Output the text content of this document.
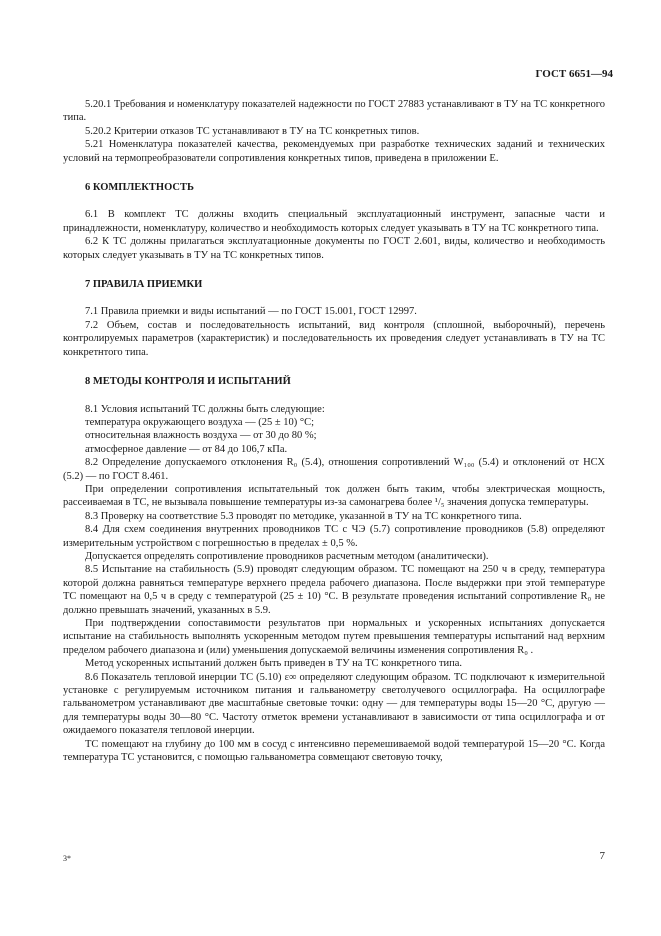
ГОСТ 6651—94

5.20.1 Требования и номенклатуру показателей надежности по ГОСТ 27883 устанавливают в ТУ на ТС конкретного типа.

5.20.2 Критерии отказов ТС устанавливают в ТУ на ТС конкретных типов.

5.21 Номенклатура показателей качества, рекомендуемых при разработке технических заданий и технических условий на термопреобразователи сопротивления конкретных типов, приведена в приложении Е.

6 КОМПЛЕКТНОСТЬ

6.1 В комплект ТС должны входить специальный эксплуатационный инструмент, запасные части и принадлежности, номенклатуру, количество и необходимость которых следует указывать в ТУ на ТС конкретного типа.

6.2 К ТС должны прилагаться эксплуатационные документы по ГОСТ 2.601, виды, количество и необходимость которых следует указывать в ТУ на ТС конкретных типов.

7 ПРАВИЛА ПРИЕМКИ

7.1 Правила приемки и виды испытаний — по ГОСТ 15.001, ГОСТ 12997.

7.2 Объем, состав и последовательность испытаний, вид контроля (сплошной, выборочный), перечень контролируемых параметров (характеристик) и последовательность их проведения следует устанавливать в ТУ на ТС конкретнтого типа.

8 МЕТОДЫ КОНТРОЛЯ И ИСПЫТАНИЙ

8.1 Условия испытаний ТС должны быть следующие:

температура окружающего воздуха — (25 ± 10) °С;

относительная влажность воздуха — от 30 до 80 %;

атмосферное давление — от 84 до 106,7 кПа.

8.2 Определение допускаемого отклонения R₀ (5.4), отношения сопротивлений W₁₀₀ (5.4) и отклонений от НСХ (5.2) — по ГОСТ 8.461.

При определении сопротивления испытательный ток должен быть таким, чтобы электрическая мощность, рассеиваемая в ТС, не вызывала повышение температуры из-за самонагрева более ¹/₅ значения допуска температуры.

8.3 Проверку на соответствие 5.3 проводят по методике, указанной в ТУ на ТС конкретного типа.

8.4 Для схем соединения внутренних проводников ТС с ЧЭ (5.7) сопротивление проводников (5.8) определяют измерительным устройством с погрешностью в пределах ± 0,5 %.

Допускается определять сопротивление проводников расчетным методом (аналитически).

8.5 Испытание на стабильность (5.9) проводят следующим образом. ТС помещают на 250 ч в среду, температура которой должна равняться температуре верхнего предела рабочего диапазона. После выдержки при этой температуре ТС помещают на 0,5 ч в среду с температурой (25 ± 10) °С. В результате проведения испытаний сопротивление R₀ не должно превышать значений, указанных в 5.9.

При подтверждении сопоставимости результатов при нормальных и ускоренных испытаниях допускается испытание на стабильность выполнять ускоренным методом путем превышения температуры испытаний над верхним пределом рабочего диапазона и (или) уменьшения допускаемой величины изменения сопротивления R₀ .

Метод ускоренных испытаний должен быть приведен в ТУ на ТС конкретного типа.

8.6 Показатель тепловой инерции ТС (5.10) ε∞ определяют следующим образом. ТС подключают к измерительной установке с регулируемым источником питания и гальванометру светолучевого осциллографа. На осциллографе гальванометром устанавливают две масштабные световые точки: одну — для температуры воды 15—20 °С, другую — для температуры воды 30—80 °С. Частоту отметок времени устанавливают в зависимости от типа осциллографа и от ожидаемого показателя тепловой инерции.

ТС помещают на глубину до 100 мм в сосуд с интенсивно перемешиваемой водой температурой 15—20 °С. Когда температура ТС установится, с помощью гальванометра совмещают световую точку,

3*	7
